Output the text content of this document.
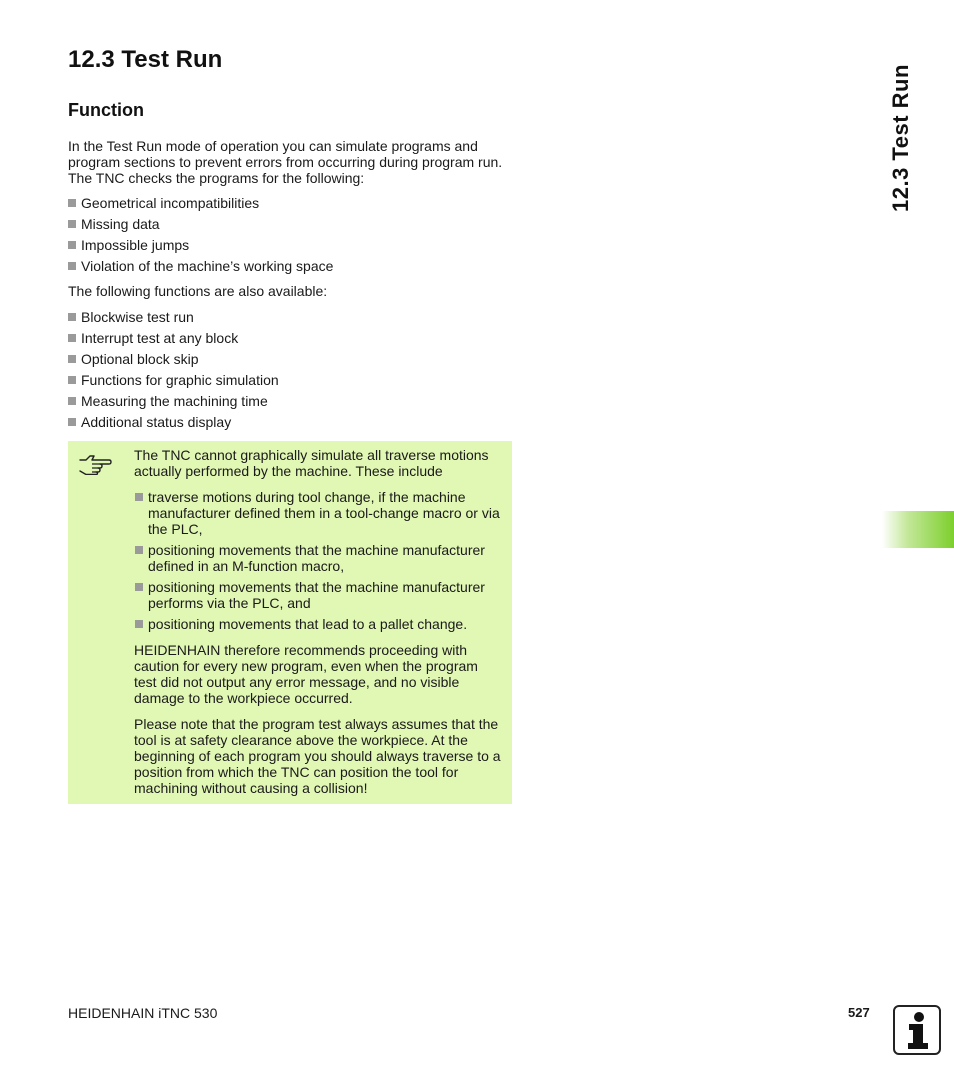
12.3 Test Run
Function

In the Test Run mode of operation you can simulate programs and program sections to prevent errors from occurring during program run. The TNC checks the programs for the following:

Geometrical incompatibilities
Missing data
Impossible jumps
Violation of the machine’s working space

The following functions are also available:

Blockwise test run
Interrupt test at any block
Optional block skip
Functions for graphic simulation
Measuring the machining time
Additional status display

The TNC cannot graphically simulate all traverse motions actually performed by the machine. These include

traverse motions during tool change, if the machine manufacturer defined them in a tool-change macro or via the PLC,
positioning movements that the machine manufacturer defined in an M-function macro,
positioning movements that the machine manufacturer performs via the PLC, and
positioning movements that lead to a pallet change.

HEIDENHAIN therefore recommends proceeding with caution for every new program, even when the program test did not output any error message, and no visible damage to the workpiece occurred.

Please note that the program test always assumes that the tool is at safety clearance above the workpiece. At the beginning of each program you should always traverse to a position from which the TNC can position the tool for machining without causing a collision!

12.3 Test Run

HEIDENHAIN iTNC 530	527
